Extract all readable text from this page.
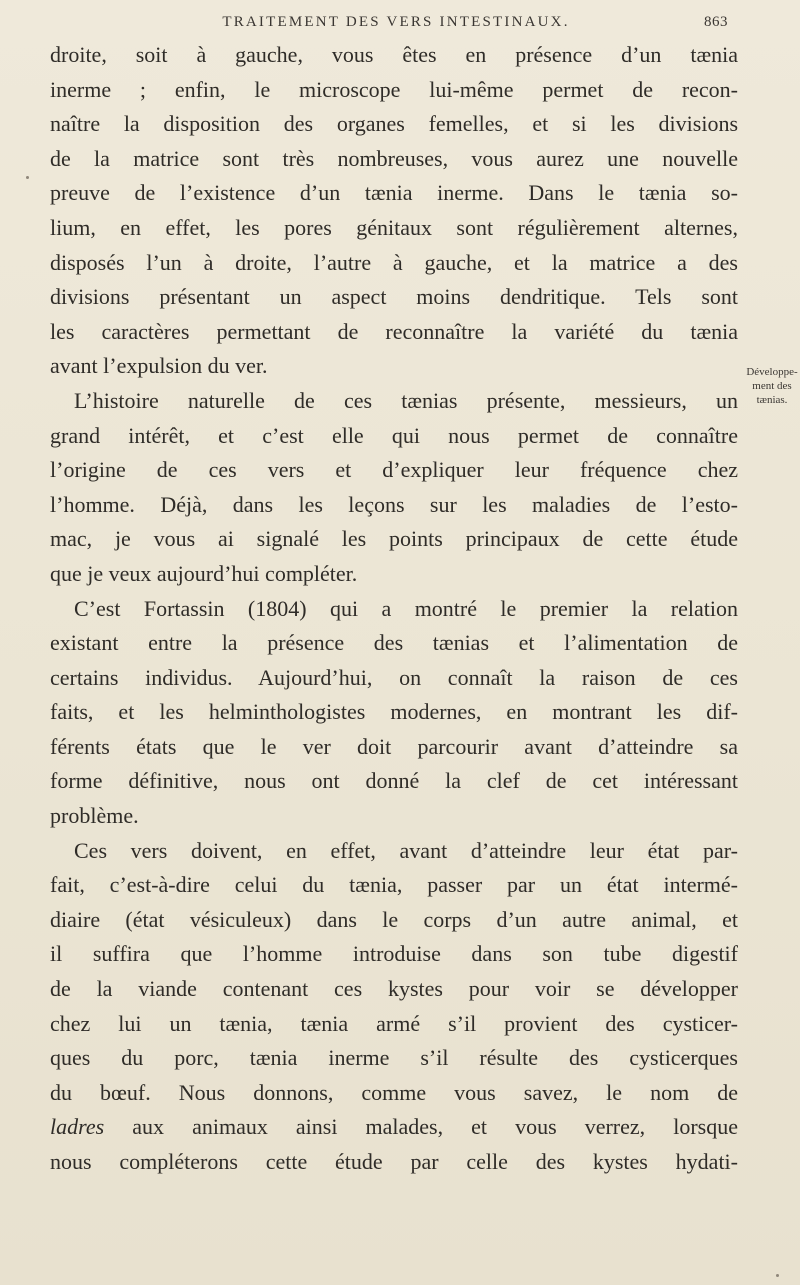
TRAITEMENT DES VERS INTESTINAUX.	863
droite, soit à gauche, vous êtes en présence d’un tænia
inerme ; enfin, le microscope lui-même permet de recon-
naître la disposition des organes femelles, et si les divisions
de la matrice sont très nombreuses, vous aurez une nouvelle
preuve de l’existence d’un tænia inerme. Dans le tænia so-
lium, en effet, les pores génitaux sont régulièrement alternes,
disposés l’un à droite, l’autre à gauche, et la matrice a des
divisions présentant un aspect moins dendritique. Tels sont
les caractères permettant de reconnaître la variété du tænia
avant l’expulsion du ver.
L’histoire naturelle de ces tænias présente, messieurs, un
grand intérêt, et c’est elle qui nous permet de connaître
l’origine de ces vers et d’expliquer leur fréquence chez
l’homme. Déjà, dans les leçons sur les maladies de l’esto-
mac, je vous ai signalé les points principaux de cette étude
que je veux aujourd’hui compléter.
C’est Fortassin (1804) qui a montré le premier la relation
existant entre la présence des tænias et l’alimentation de
certains individus. Aujourd’hui, on connaît la raison de ces
faits, et les helminthologistes modernes, en montrant les dif-
férents états que le ver doit parcourir avant d’atteindre sa
forme définitive, nous ont donné la clef de cet intéressant
problème.
Ces vers doivent, en effet, avant d’atteindre leur état par-
fait, c’est-à-dire celui du tænia, passer par un état intermé-
diaire (état vésiculeux) dans le corps d’un autre animal, et
il suffira que l’homme introduise dans son tube digestif
de la viande contenant ces kystes pour voir se développer
chez lui un tænia, tænia armé s’il provient des cysticer-
ques du porc, tænia inerme s’il résulte des cysticerques
du bœuf. Nous donnons, comme vous savez, le nom de
ladres aux animaux ainsi malades, et vous verrez, lorsque
nous compléterons cette étude par celle des kystes hydati-
Développe-
ment des
tænias.
